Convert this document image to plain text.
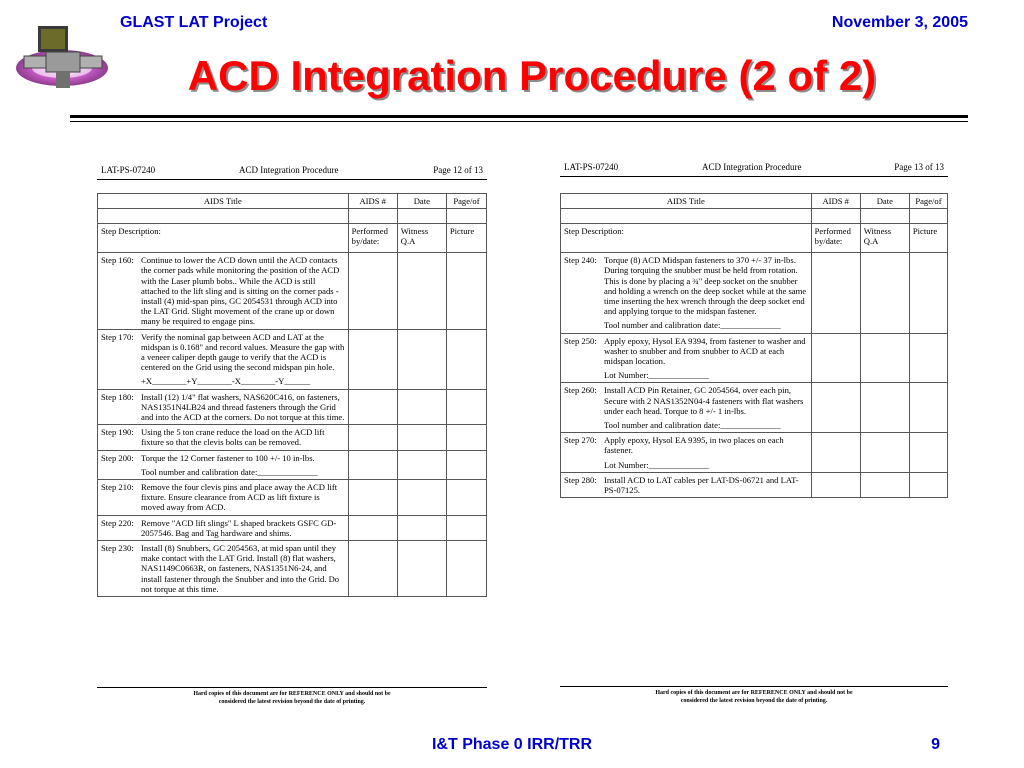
GLAST LAT Project	November 3, 2005
ACD Integration Procedure (2 of 2)
LAT-PS-07240	ACD Integration Procedure	Page 12 of 13
AIDS Title	AIDS #	Date	Page/of

Step Description:	Performed by/date:	Witness Q.A	Picture

Step 160: Continue to lower the ACD down until the ACD contacts the corner pads while monitoring the position of the ACD with the Laser plumb bobs.. While the ACD is still attached to the lift sling and is sitting on the corner pads - install (4) mid-span pins, GC 2054531 through ACD into the LAT Grid. Slight movement of the crane up or down many be required to engage pins.			

Step 170: Verify the nominal gap between ACD and LAT at the midspan is 0.168" and record values. Measure the gap with a veneer caliper depth gauge to verify that the ACD is centered on the Grid using the second midspan pin hole.
+X________+Y________-X________-Y______			

Step 180: Install (12) 1/4" flat washers, NAS620C416, on fasteners, NAS1351N4LB24 and thread fasteners through the Grid and into the ACD at the corners. Do not torque at this time.			

Step 190: Using the 5 ton crane reduce the load on the ACD lift fixture so that the clevis bolts can be removed.			

Step 200: Torque the 12 Corner fastener to 100 +/- 10 in-lbs.
Tool number and calibration date:______________			

Step 210: Remove the four clevis pins and place away the ACD lift fixture. Ensure clearance from ACD as lift fixture is moved away from ACD.			

Step 220: Remove "ACD lift slings" L shaped brackets GSFC GD-2057546. Bag and Tag hardware and shims.			

Step 230: Install (8) Snubbers, GC 2054563, at mid span until they make contact with the LAT Grid. Install (8) flat washers, NAS1149C0663R, on fasteners, NAS1351N6-24, and install fastener through the Snubber and into the Grid. Do not torque at this time.			

Hard copies of this document are for REFERENCE ONLY and should not be
considered the latest revision beyond the date of printing.
LAT-PS-07240	ACD Integration Procedure	Page 13 of 13
AIDS Title	AIDS #	Date	Page/of

Step Description:	Performed by/date:	Witness Q.A	Picture

Step 240: Torque (8) ACD Midspan fasteners to 370 +/- 37 in-lbs. During torquing the snubber must be held from rotation. This is done by placing a ¾" deep socket on the snubber and holding a wrench on the deep socket while at the same time inserting the hex wrench through the deep socket end and applying torque to the midspan fastener.
Tool number and calibration date:______________			

Step 250: Apply epoxy, Hysol EA 9394, from fastener to washer and washer to snubber and from snubber to ACD at each midspan location.
Lot Number:______________			

Step 260: Install ACD Pin Retainer, GC 2054564, over each pin, Secure with 2 NAS1352N04-4 fasteners with flat washers under each head. Torque to 8 +/- 1 in-lbs.
Tool number and calibration date:______________			

Step 270: Apply epoxy, Hysol EA 9395, in two places on each fastener.
Lot Number:______________			

Step 280: Install ACD to LAT cables per LAT-DS-06721 and LAT-PS-07125.			

Hard copies of this document are for REFERENCE ONLY and should not be
considered the latest revision beyond the date of printing.
I&T Phase 0 IRR/TRR	9
